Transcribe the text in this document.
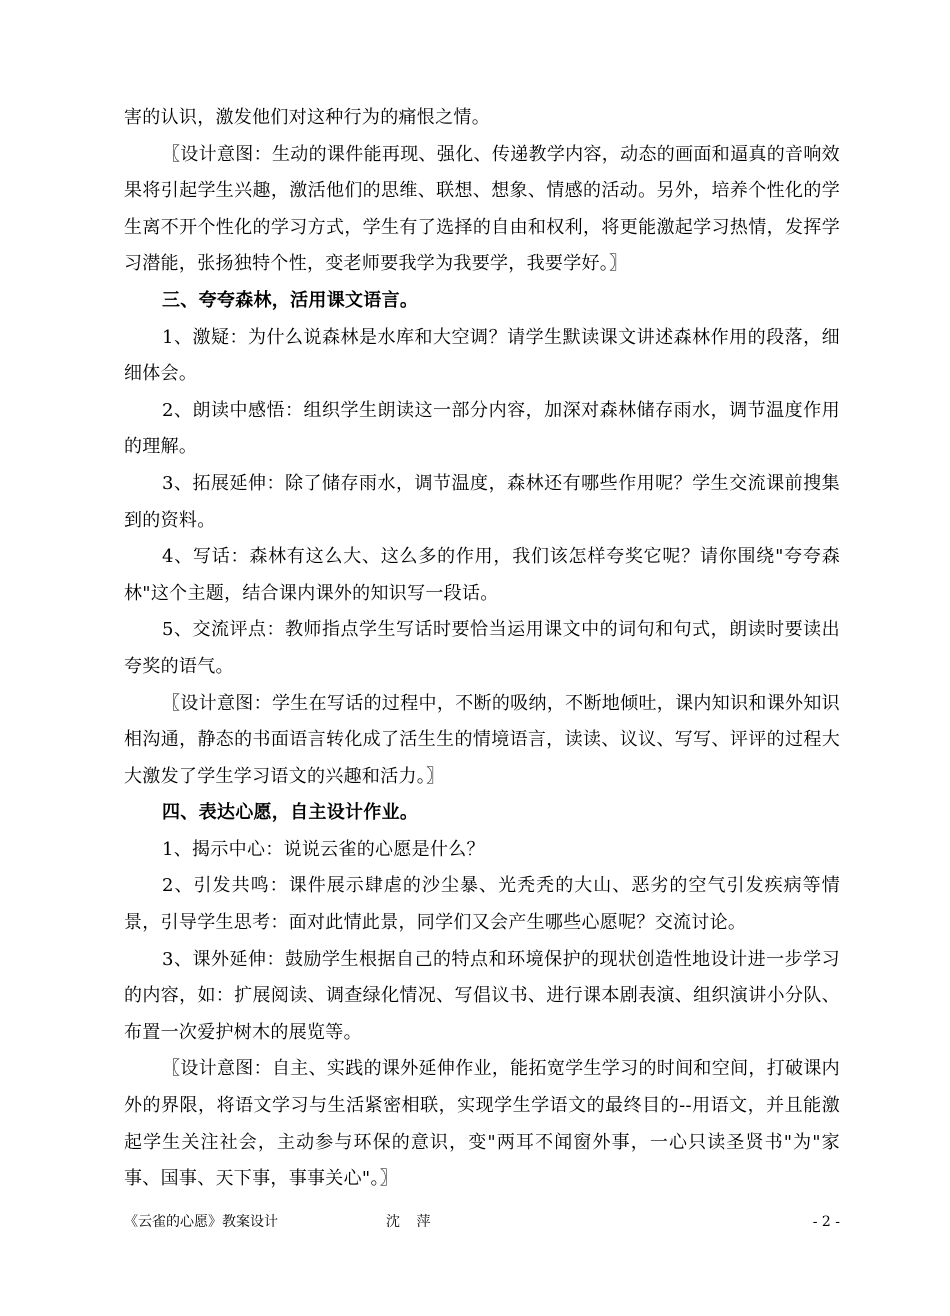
害的认识，激发他们对这种行为的痛恨之情。

〖设计意图：生动的课件能再现、强化、传递教学内容，动态的画面和逼真的音响效果将引起学生兴趣，激活他们的思维、联想、想象、情感的活动。另外，培养个性化的学生离不开个性化的学习方式，学生有了选择的自由和权利，将更能激起学习热情，发挥学习潜能，张扬独特个性，变老师要我学为我要学，我要学好。〗

三、夸夸森林，活用课文语言。

1、激疑：为什么说森林是水库和大空调？请学生默读课文讲述森林作用的段落，细细体会。

2、朗读中感悟：组织学生朗读这一部分内容，加深对森林储存雨水，调节温度作用的理解。

3、拓展延伸：除了储存雨水，调节温度，森林还有哪些作用呢？学生交流课前搜集到的资料。

4、写话：森林有这么大、这么多的作用，我们该怎样夸奖它呢？请你围绕"夸夸森林"这个主题，结合课内课外的知识写一段话。

5、交流评点：教师指点学生写话时要恰当运用课文中的词句和句式，朗读时要读出夸奖的语气。

〖设计意图：学生在写话的过程中，不断的吸纳，不断地倾吐，课内知识和课外知识相沟通，静态的书面语言转化成了活生生的情境语言，读读、议议、写写、评评的过程大大激发了学生学习语文的兴趣和活力。〗

四、表达心愿，自主设计作业。

1、揭示中心：说说云雀的心愿是什么？

2、引发共鸣：课件展示肆虐的沙尘暴、光秃秃的大山、恶劣的空气引发疾病等情景，引导学生思考：面对此情此景，同学们又会产生哪些心愿呢？交流讨论。

3、课外延伸：鼓励学生根据自己的特点和环境保护的现状创造性地设计进一步学习的内容，如：扩展阅读、调查绿化情况、写倡议书、进行课本剧表演、组织演讲小分队、布置一次爱护树木的展览等。

〖设计意图：自主、实践的课外延伸作业，能拓宽学生学习的时间和空间，打破课内外的界限，将语文学习与生活紧密相联，实现学生学语文的最终目的--用语文，并且能激起学生关注社会，主动参与环保的意识，变"两耳不闻窗外事，一心只读圣贤书"为"家事、国事、天下事，事事关心"。〗

《云雀的心愿》教案设计	沈 萍	- 2 -
